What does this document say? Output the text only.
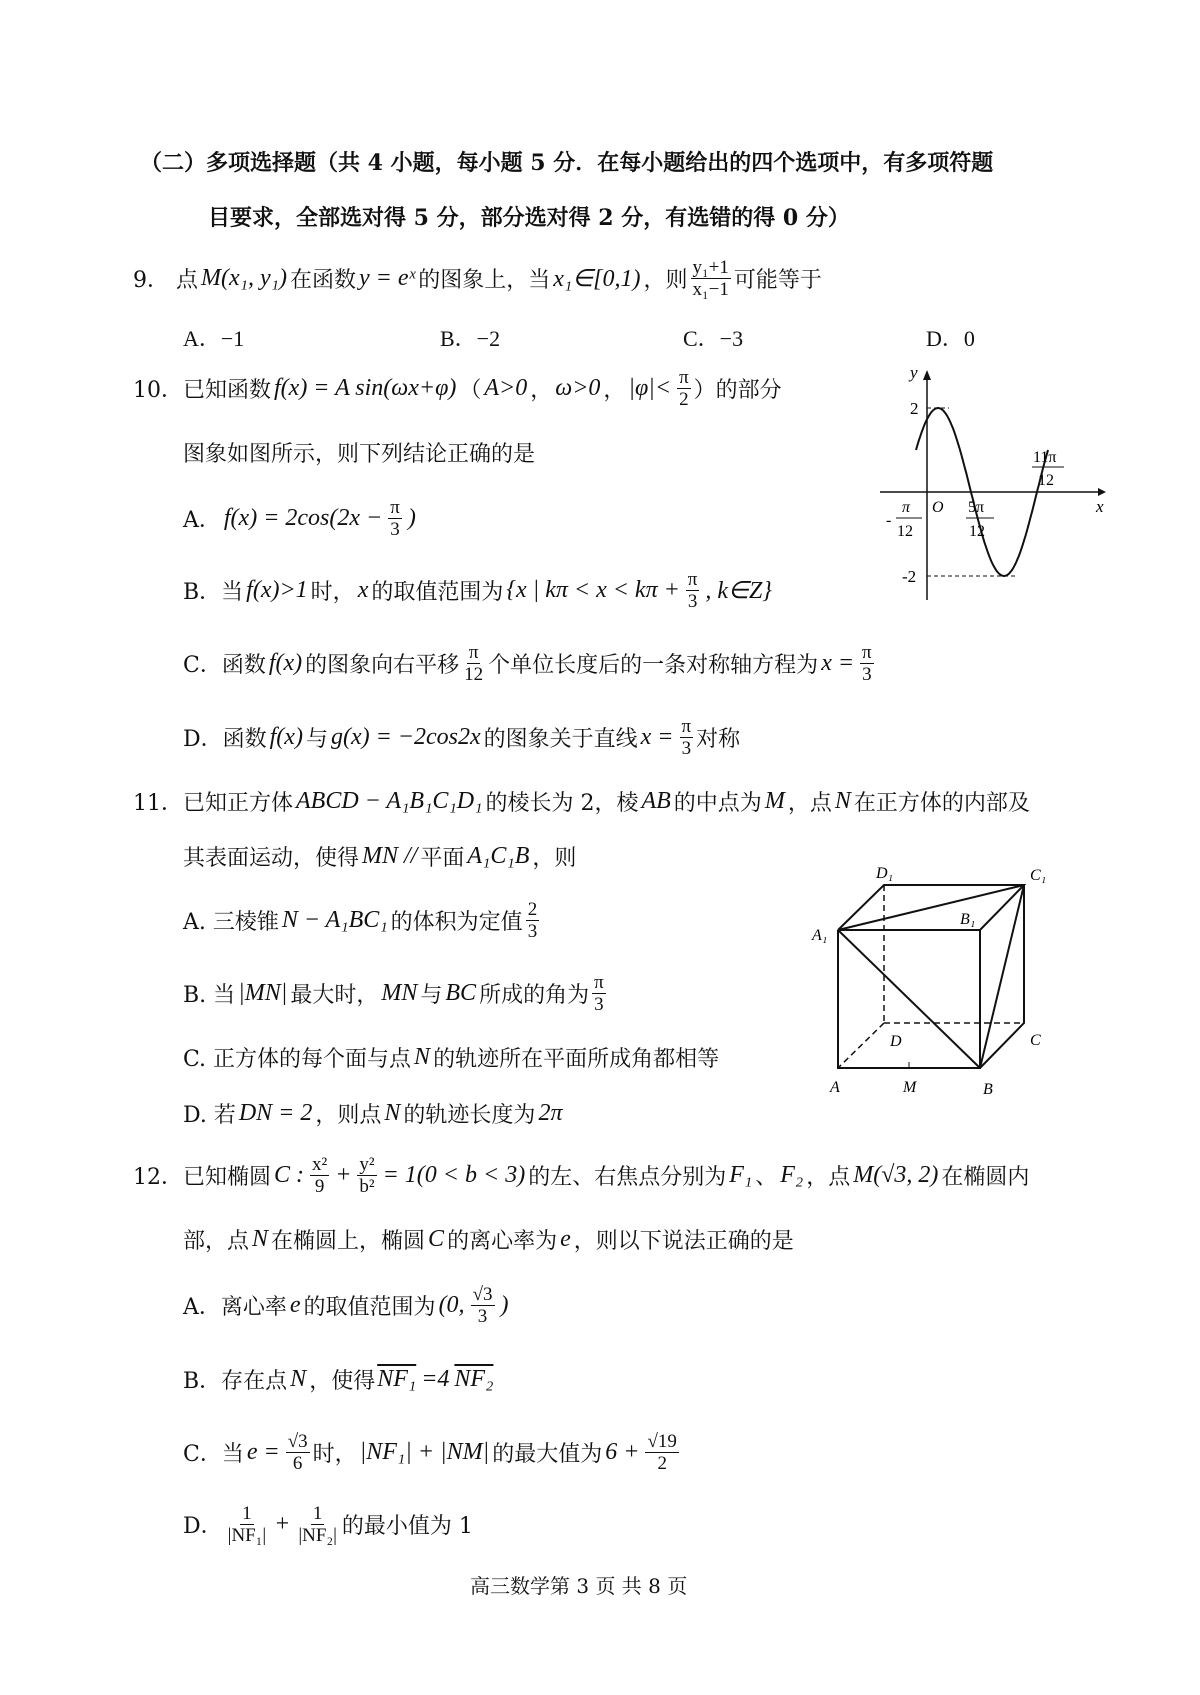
（二）多项选择题（共 4 小题，每小题 5 分．在每小题给出的四个选项中，有多项符题
目要求，全部选对得 5 分，部分选对得 2 分，有选错的得 0 分）
9． 点 M(x₁, y₁) 在函数 y = eˣ 的图象上，当 x₁∈[0,1) ，则 $\frac{\text{y₁+1}}{\text{x₁−1}}$ 可能等于
A．−1	B．−2	C．−3	D．0
10．已知函数 f(x) = A sin(ωx+φ) （ A>0 ， ω>0 ， $|\varphi|< \frac{\pi}{2}$ ）的部分
图象如图所示，则下列结论正确的是
A． $f(x) = 2\cos(2x - \frac{\pi}{3}$ )
B．当 f(x)>1 时， x 的取值范围为 {x | $k\pi < x < k\pi + \frac{\pi}{3}$ , k∈Z}
C．函数 f(x) 的图象向右平移 $\frac{\pi}{12}$ 个单位长度后的一条对称轴方程为 $x = \frac{\pi}{3}$
D．函数 f(x) 与 g(x) = −2cos2x 的图象关于直线 $x = \frac{\pi}{3}$ 对称
y
x
O
2
-2
-
π
12
5π
12
11π
12
11．已知正方体 ABCD − A₁B₁C₁D₁ 的棱长为 2，棱 AB 的中点为 M ，点 N 在正方体的内部及
其表面运动，使得 MN // 平面 A₁C₁B ，则
A. 三棱锥 N − A₁BC₁ 的体积为定值 $\frac{2}{3}$
B. 当 |MN| 最大时， MN 与 BC 所成的角为 $\frac{\pi}{3}$
C. 正方体的每个面与点 N 的轨迹所在平面所成角都相等
D. 若 DN = 2 ，则点 N 的轨迹长度为 2π
A₁
D₁	C₁
B₁
A	M	B
C
D
12．已知椭圆 C : $\frac{\text{x²}}{9} + \frac{\text{y²}}{\text{b²}} = 1(0 < b < 3)$ 的左、右焦点分别为 F₁ 、 F₂ ，点 M(√3, 2) 在椭圆内
部，点 N 在椭圆上，椭圆 C 的离心率为 e ，则以下说法正确的是
A．离心率 e 的取值范围为 (0, $\frac{√3}{3}$ )
B．存在点 N ，使得 NF₁ =4 NF₂
C．当 $e = \frac{√3}{6}$ 时， |NF₁| + |NM| 的最大值为 $6 + \frac{√19}{2}$
D． $\frac{1}{\text{|NF₁|}} + \frac{1}{\text{|NF₂|}}$ 的最小值为 1
高三数学第 3 页 共 8 页
